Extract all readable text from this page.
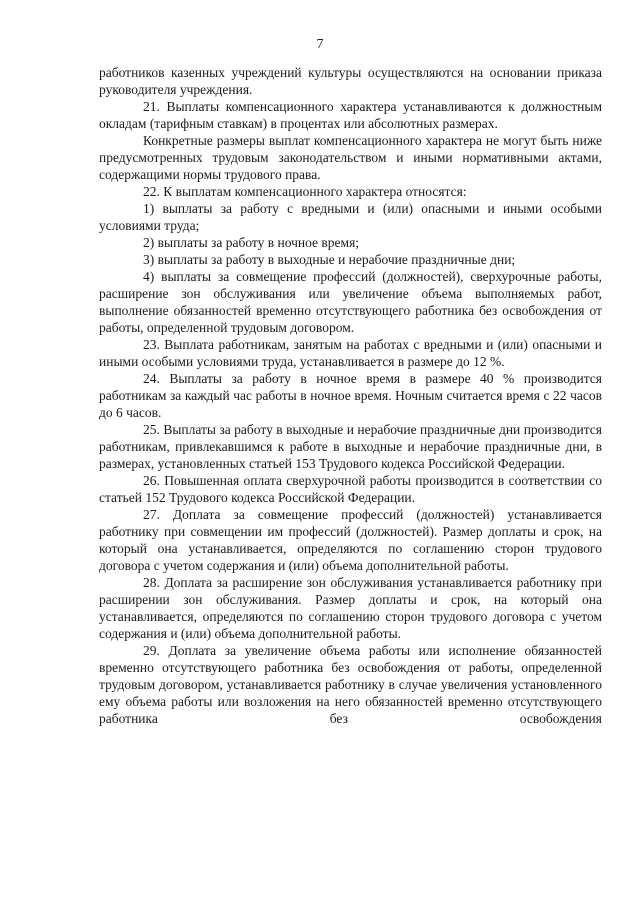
7

работников казенных учреждений культуры осуществляются на основании приказа руководителя учреждения.

21. Выплаты компенсационного характера устанавливаются к должностным окладам (тарифным ставкам) в процентах или абсолютных размерах.

Конкретные размеры выплат компенсационного характера не могут быть ниже предусмотренных трудовым законодательством и иными нормативными актами, содержащими нормы трудового права.

22. К выплатам компенсационного характера относятся:

1) выплаты за работу с вредными и (или) опасными и иными особыми условиями труда;

2) выплаты за работу в ночное время;

3) выплаты за работу в выходные и нерабочие праздничные дни;

4) выплаты за совмещение профессий (должностей), сверхурочные работы, расширение зон обслуживания или увеличение объема выполняемых работ, выполнение обязанностей временно отсутствующего работника без освобождения от работы, определенной трудовым договором.

23. Выплата работникам, занятым на работах с вредными и (или) опасными и иными особыми условиями труда, устанавливается в размере до 12 %.

24. Выплаты за работу в ночное время в размере 40 % производится работникам за каждый час работы в ночное время. Ночным считается время с 22 часов до 6 часов.

25. Выплаты за работу в выходные и нерабочие праздничные дни производится работникам, привлекавшимся к работе в выходные и нерабочие праздничные дни, в размерах, установленных статьей 153 Трудового кодекса Российской Федерации.

26. Повышенная оплата сверхурочной работы производится в соответствии со статьей 152 Трудового кодекса Российской Федерации.

27. Доплата за совмещение профессий (должностей) устанавливается работнику при совмещении им профессий (должностей). Размер доплаты и срок, на который она устанавливается, определяются по соглашению сторон трудового договора с учетом содержания и (или) объема дополнительной работы.

28. Доплата за расширение зон обслуживания устанавливается работнику при расширении зон обслуживания. Размер доплаты и срок, на который она устанавливается, определяются по соглашению сторон трудового договора с учетом содержания и (или) объема дополнительной работы.

29. Доплата за увеличение объема работы или исполнение обязанностей временно отсутствующего работника без освобождения от работы, определенной трудовым договором, устанавливается работнику в случае увеличения установленного ему объема работы или возложения на него обязанностей временно отсутствующего работника без освобождения
